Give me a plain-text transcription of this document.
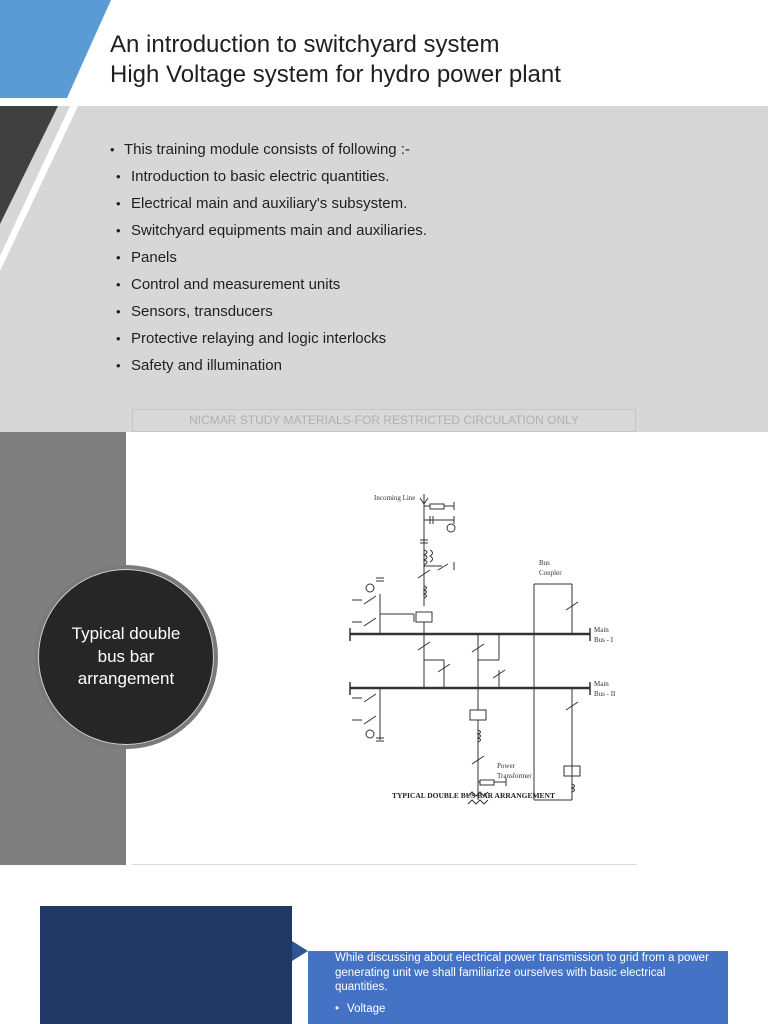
An introduction to switchyard system
High Voltage system for hydro power plant
• This training module consists of following :-
• Introduction to basic electric quantities.
• Electrical main and auxiliary's subsystem.
• Switchyard equipments main and auxiliaries.
• Panels
• Control and measurement units
• Sensors, transducers
• Protective relaying and logic interlocks
• Safety and illumination
NICMAR STUDY MATERIALS-FOR RESTRICTED CIRCULATION ONLY
Typical double bus bar arrangement
Incoming Line
Bus
Coupler
Main
Bus - I
Main
Bus - II
Power
Transformer
TYPICAL DOUBLE BUS BAR ARRANGEMENT

While discussing about electrical power transmission to grid from a power generating unit we shall familiarize ourselves with basic electrical quantities.

• Voltage
